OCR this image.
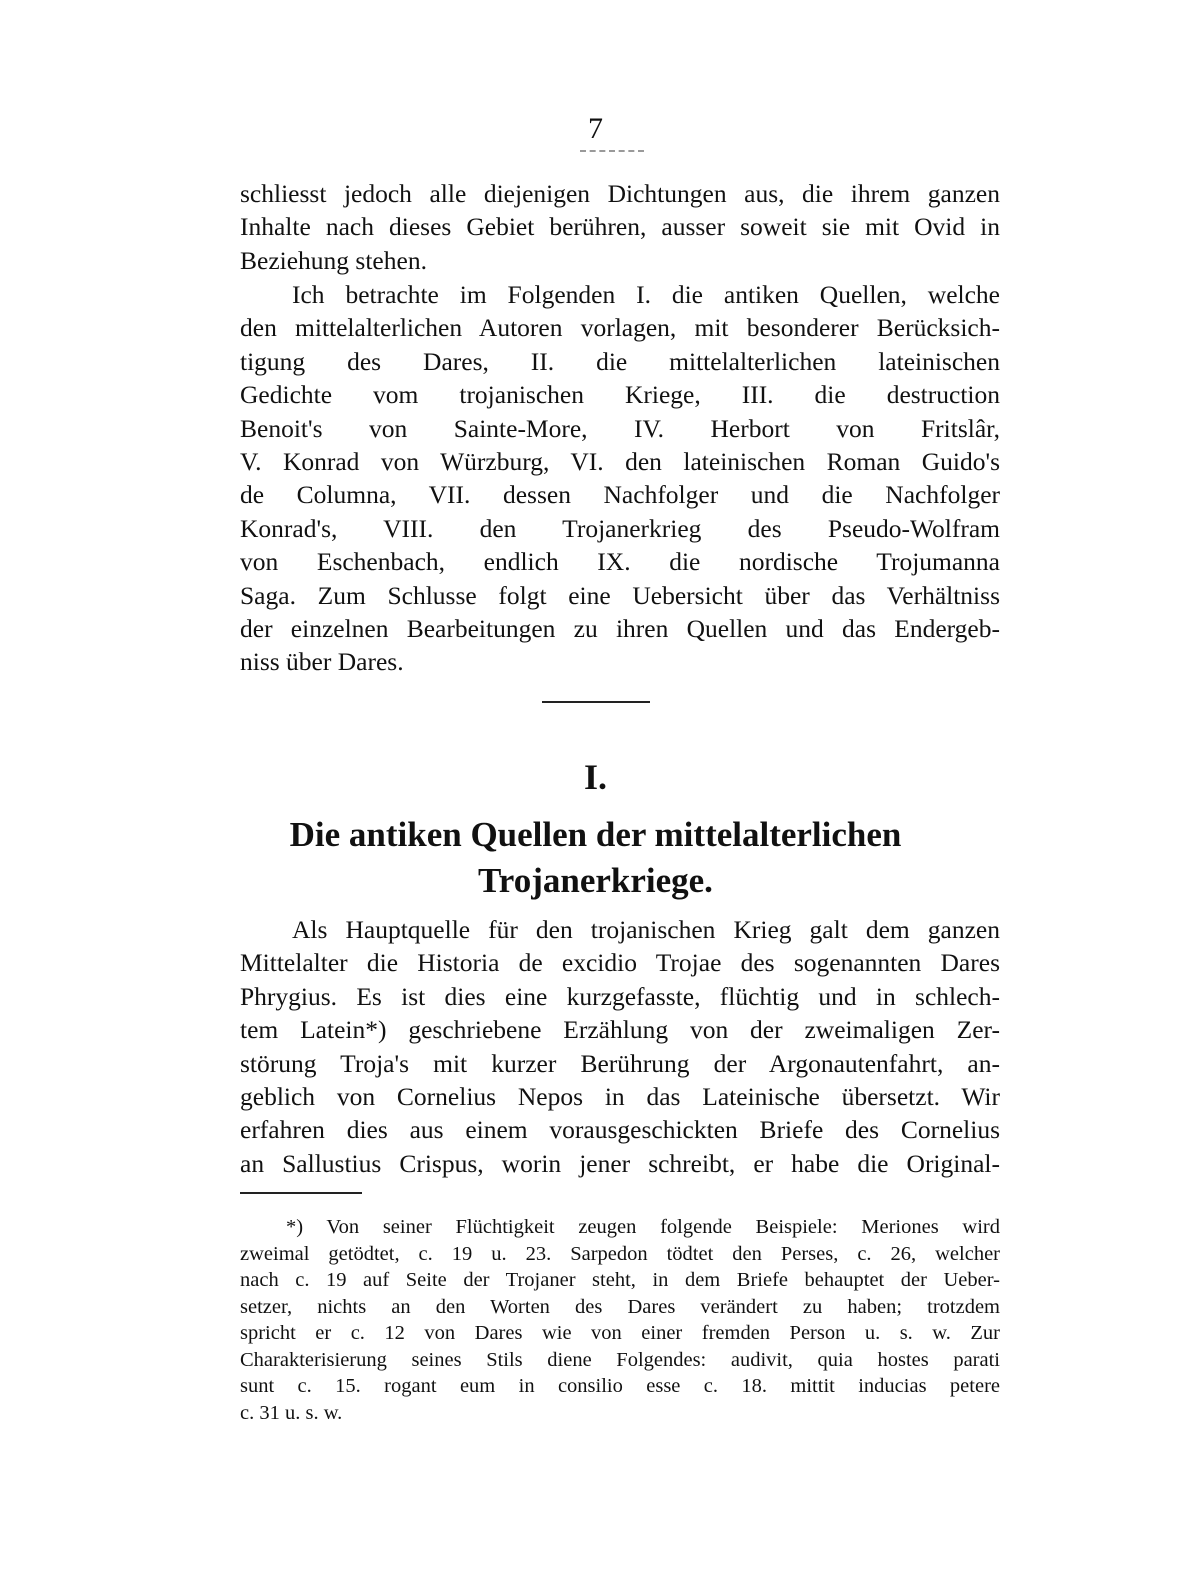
7

schliesst jedoch alle diejenigen Dichtungen aus, die ihrem ganzen
Inhalte nach dieses Gebiet berühren, ausser soweit sie mit Ovid in
Beziehung stehen.

Ich betrachte im Folgenden I. die antiken Quellen, welche
den mittelalterlichen Autoren vorlagen, mit besonderer Berücksich-
tigung des Dares, II. die mittelalterlichen lateinischen
Gedichte vom trojanischen Kriege, III. die destruction
Benoit's von Sainte-More, IV. Herbort von Fritslâr,
V. Konrad von Würzburg, VI. den lateinischen Roman Guido's
de Columna, VII. dessen Nachfolger und die Nachfolger
Konrad's, VIII. den Trojanerkrieg des Pseudo-Wolfram
von Eschenbach, endlich IX. die nordische Trojumanna
Saga. Zum Schlusse folgt eine Uebersicht über das Verhältniss
der einzelnen Bearbeitungen zu ihren Quellen und das Endergeb-
niss über Dares.

I.
Die antiken Quellen der mittelalterlichen
Trojanerkriege.

Als Hauptquelle für den trojanischen Krieg galt dem ganzen
Mittelalter die Historia de excidio Trojae des sogenannten Dares
Phrygius. Es ist dies eine kurzgefasste, flüchtig und in schlech-
tem Latein*) geschriebene Erzählung von der zweimaligen Zer-
störung Troja's mit kurzer Berührung der Argonautenfahrt, an-
geblich von Cornelius Nepos in das Lateinische übersetzt. Wir
erfahren dies aus einem vorausgeschickten Briefe des Cornelius
an Sallustius Crispus, worin jener schreibt, er habe die Original-

*) Von seiner Flüchtigkeit zeugen folgende Beispiele: Meriones wird
zweimal getödtet, c. 19 u. 23. Sarpedon tödtet den Perses, c. 26, welcher
nach c. 19 auf Seite der Trojaner steht, in dem Briefe behauptet der Ueber-
setzer, nichts an den Worten des Dares verändert zu haben; trotzdem
spricht er c. 12 von Dares wie von einer fremden Person u. s. w. Zur
Charakterisierung seines Stils diene Folgendes: audivit, quia hostes parati
sunt c. 15. rogant eum in consilio esse c. 18. mittit inducias petere
c. 31 u. s. w.
